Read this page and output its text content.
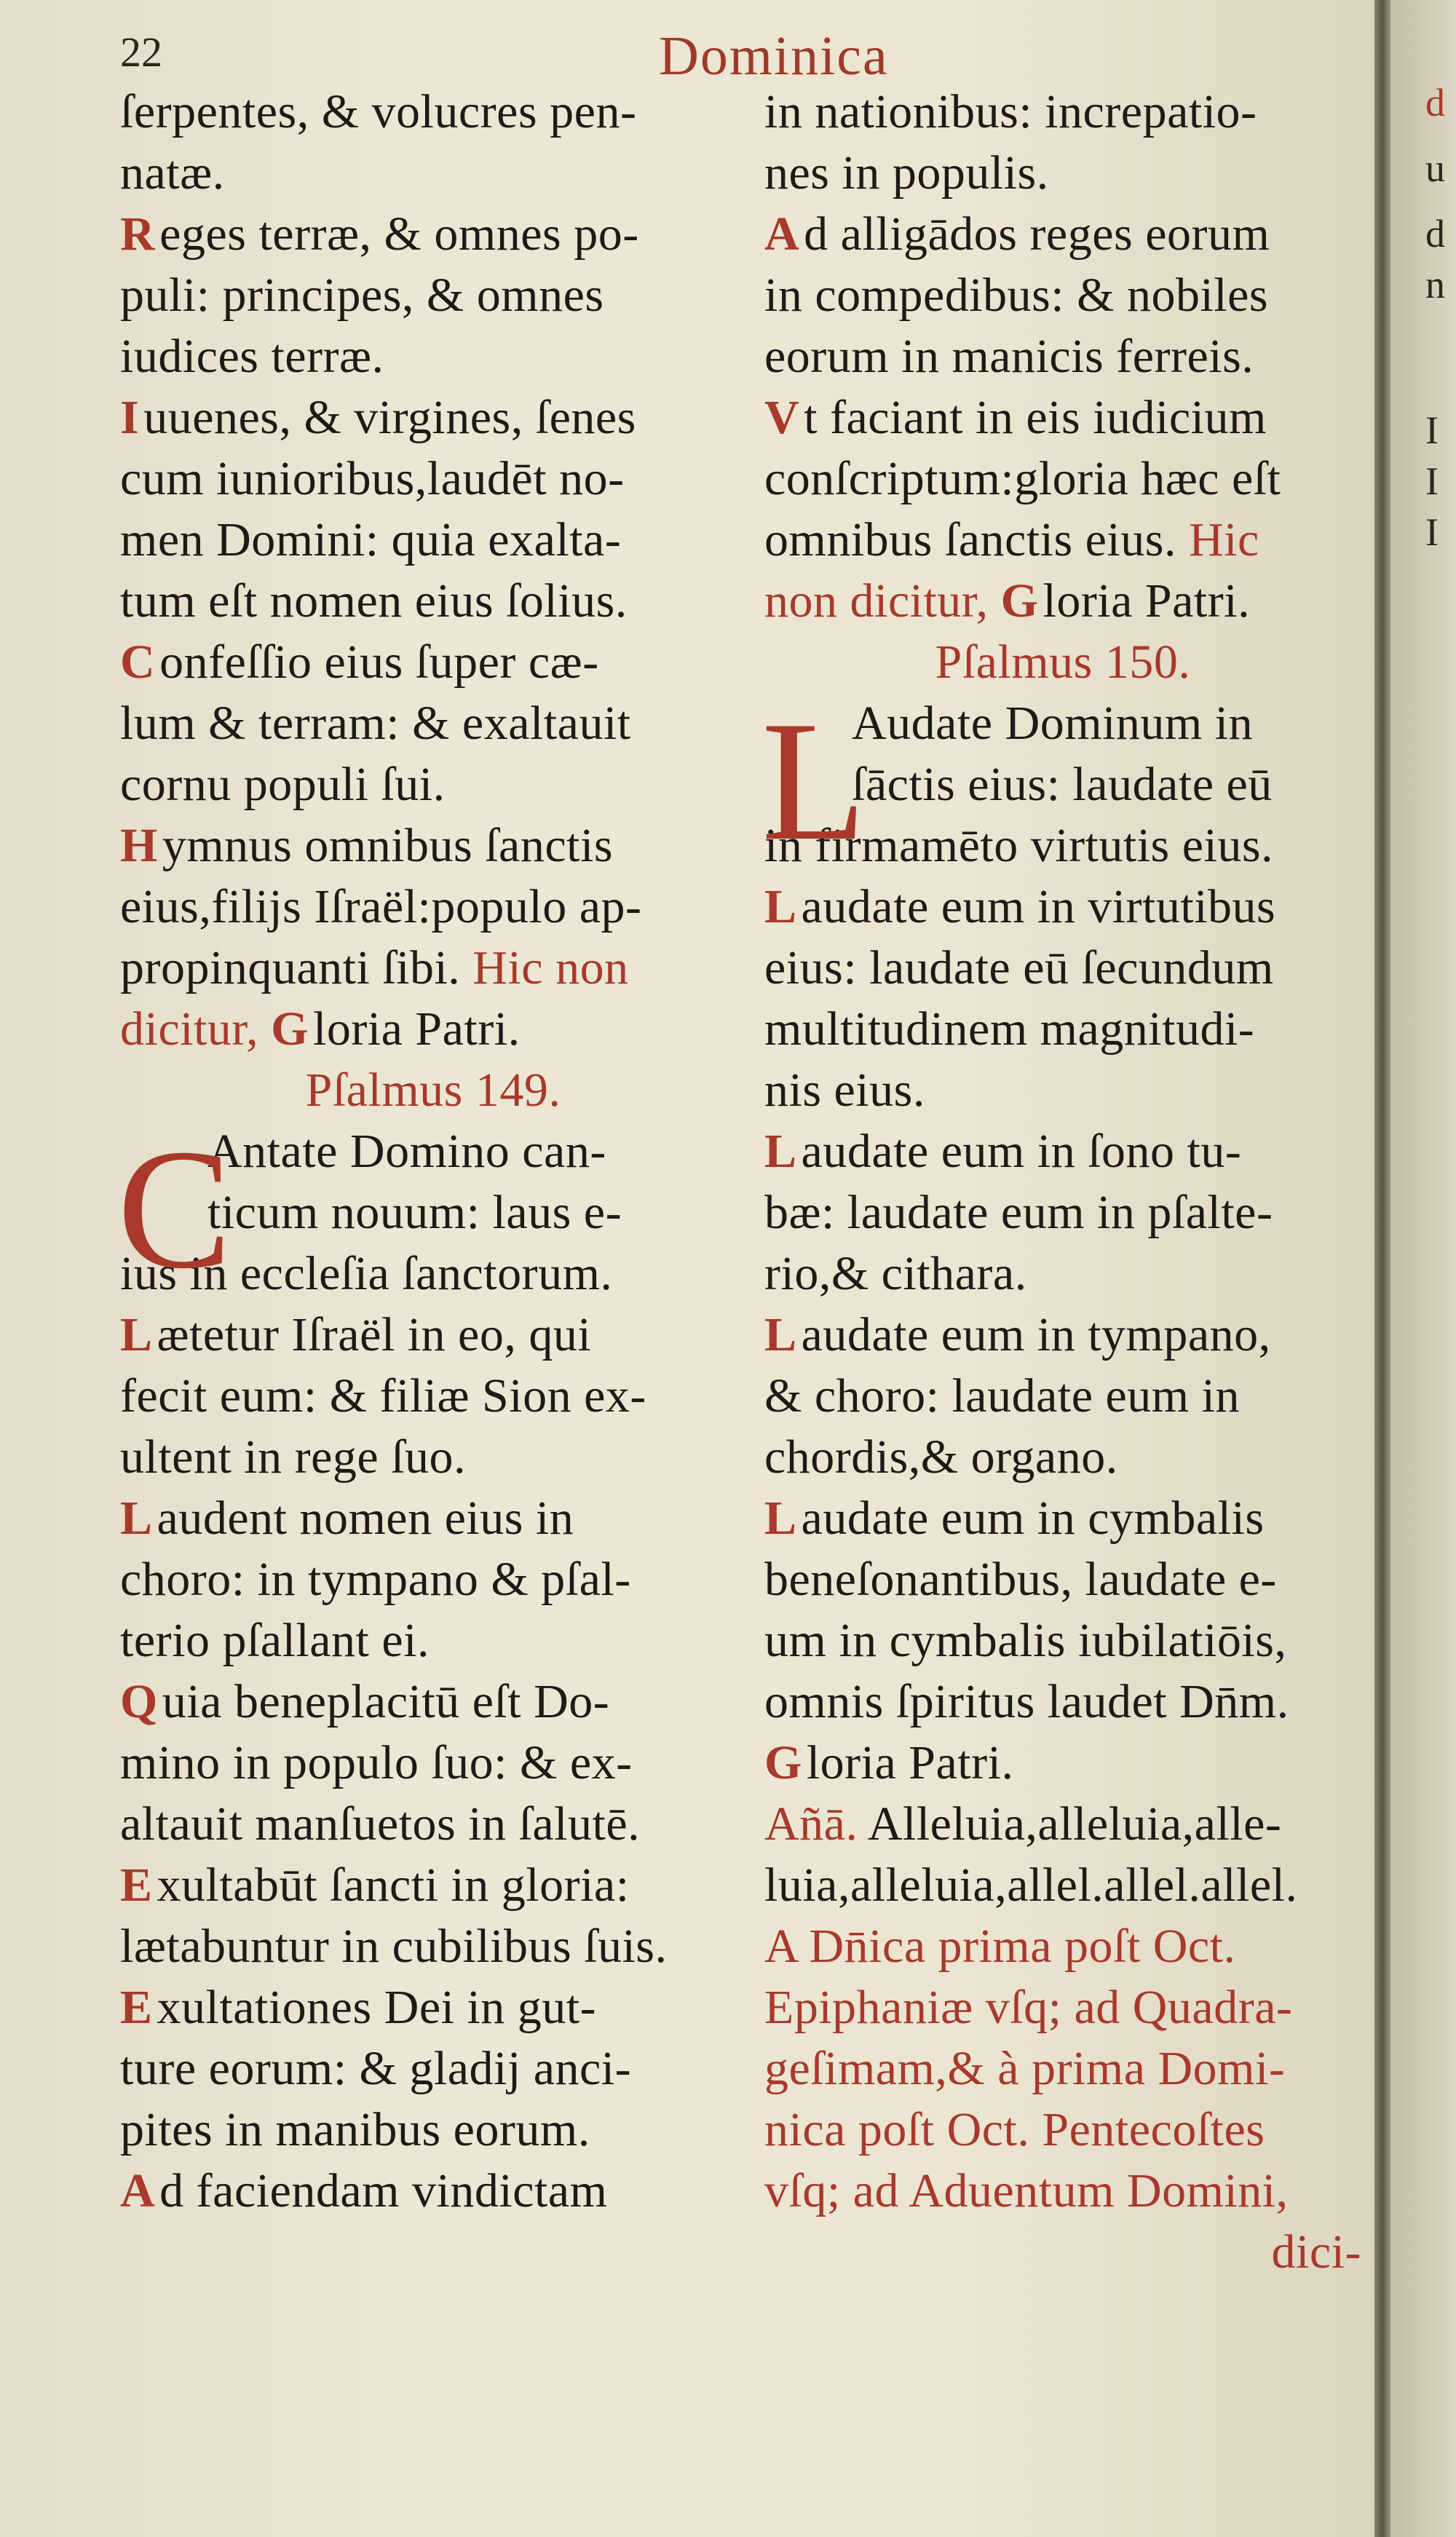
22	Dominica
ſerpentes, & volucres pen-
natæ.
Reges terræ, & omnes po-
puli: principes, & omnes
iudices terræ.
Iuuenes, & virgines, ſenes
cum iunioribus,laudēt no-
men Domini: quia exalta-
tum eſt nomen eius ſolius.
Confeſſio eius ſuper cæ-
lum & terram: & exaltauit
cornu populi ſui.
Hymnus omnibus ſanctis
eius,filijs Iſraël:populo ap-
propinquanti ſibi. Hic non
dicitur, Gloria Patri.
Pſalmus 149.
C
Antate Domino can-
ticum nouum: laus e-
ius in eccleſia ſanctorum.
Lætetur Iſraël in eo, qui
fecit eum: & filiæ Sion ex-
ultent in rege ſuo.
Laudent nomen eius in
choro: in tympano & pſal-
terio pſallant ei.
Quia beneplacitū eſt Do-
mino in populo ſuo: & ex-
altauit manſuetos in ſalutē.
Exultabūt ſancti in gloria:
lætabuntur in cubilibus ſuis.
Exultationes Dei in gut-
ture eorum: & gladij anci-
pites in manibus eorum.
Ad faciendam vindictam
in nationibus: increpatio-
nes in populis.
Ad alligādos reges eorum
in compedibus: & nobiles
eorum in manicis ferreis.
Vt faciant in eis iudicium
conſcriptum:gloria hæc eſt
omnibus ſanctis eius. Hic
non dicitur, Gloria Patri.
Pſalmus 150.
L
Audate Dominum in
ſāctis eius: laudate eū
in firmamēto virtutis eius.
Laudate eum in virtutibus
eius: laudate eū ſecundum
multitudinem magnitudi-
nis eius.
Laudate eum in ſono tu-
bæ: laudate eum in pſalte-
rio,& cithara.
Laudate eum in tympano,
& choro: laudate eum in
chordis,& organo.
Laudate eum in cymbalis
beneſonantibus, laudate e-
um in cymbalis iubilatiōis,
omnis ſpiritus laudet Dn̄m.
Gloria Patri.
Añā. Alleluia,alleluia,alle-
luia,alleluia,allel.allel.allel.
A Dn̄ica prima poſt Oct.
Epiphaniæ vſq; ad Quadra-
geſimam,& à prima Domi-
nica poſt Oct. Pentecoſtes
vſq; ad Aduentum Domini,
dici-
d
u
d
n
I
I
I
